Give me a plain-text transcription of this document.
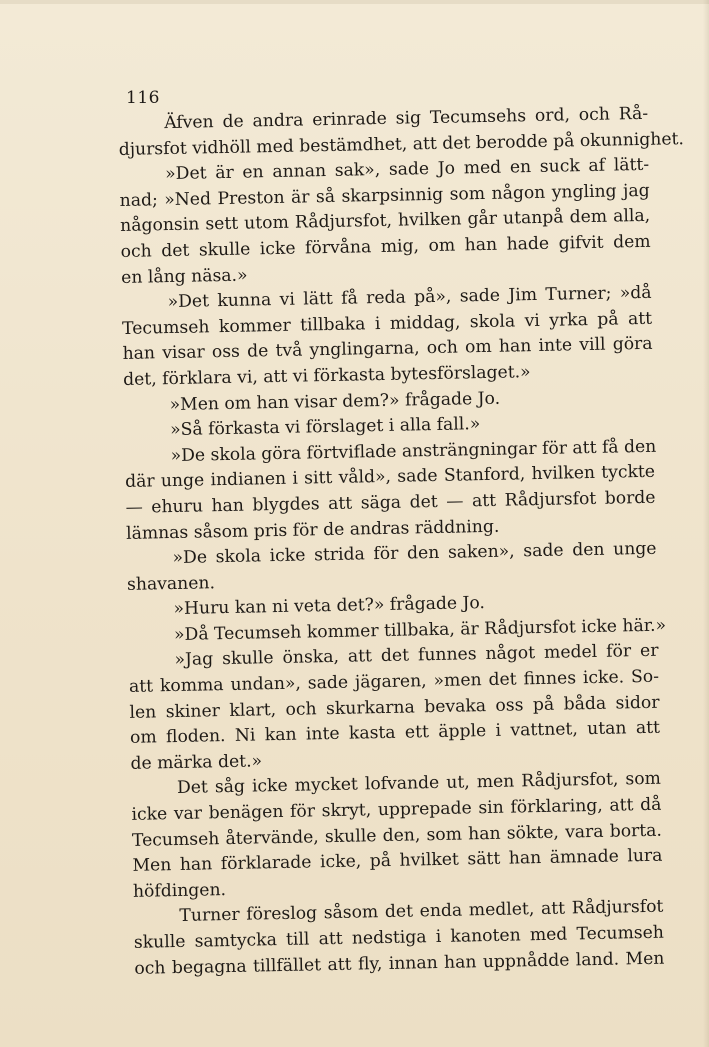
116
Äfven de andra erinrade sig Tecumsehs ord, och Rå-
djursfot vidhöll med bestämdhet, att det berodde på okunnighet.
»Det är en annan sak», sade Jo med en suck af lätt-
nad; »Ned Preston är så skarpsinnig som någon yngling jag
någonsin sett utom Rådjursfot, hvilken går utanpå dem alla,
och det skulle icke förvåna mig, om han hade gifvit dem
en lång näsa.»
»Det kunna vi lätt få reda på», sade Jim Turner; »då
Tecumseh kommer tillbaka i middag, skola vi yrka på att
han visar oss de två ynglingarna, och om han inte vill göra
det, förklara vi, att vi förkasta bytesförslaget.»
»Men om han visar dem?» frågade Jo.
»Så förkasta vi förslaget i alla fall.»
»De skola göra förtviflade ansträngningar för att få den
där unge indianen i sitt våld», sade Stanford, hvilken tyckte
— ehuru han blygdes att säga det — att Rådjursfot borde
lämnas såsom pris för de andras räddning.
»De skola icke strida för den saken», sade den unge
shavanen.
»Huru kan ni veta det?» frågade Jo.
»Då Tecumseh kommer tillbaka, är Rådjursfot icke här.»
»Jag skulle önska, att det funnes något medel för er
att komma undan», sade jägaren, »men det finnes icke. So-
len skiner klart, och skurkarna bevaka oss på båda sidor
om floden. Ni kan inte kasta ett äpple i vattnet, utan att
de märka det.»
Det såg icke mycket lofvande ut, men Rådjursfot, som
icke var benägen för skryt, upprepade sin förklaring, att då
Tecumseh återvände, skulle den, som han sökte, vara borta.
Men han förklarade icke, på hvilket sätt han ämnade lura
höfdingen.
Turner föreslog såsom det enda medlet, att Rådjursfot
skulle samtycka till att nedstiga i kanoten med Tecumseh
och begagna tillfället att fly, innan han uppnådde land. Men
